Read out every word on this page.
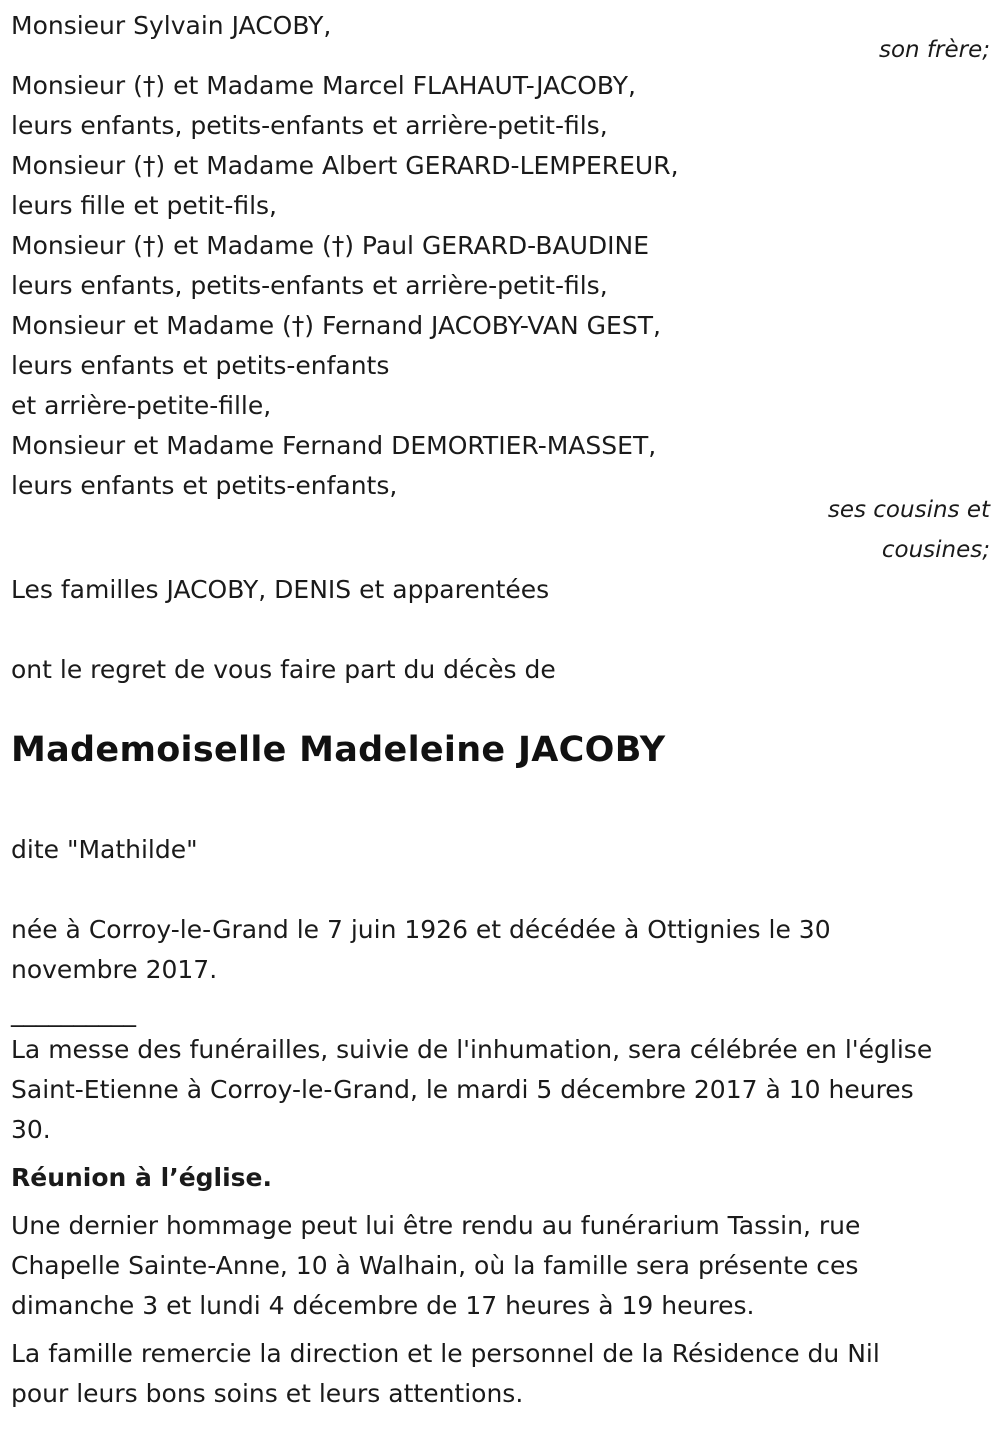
Monsieur Sylvain JACOBY,
son frère;
Monsieur (†) et Madame Marcel FLAHAUT-JACOBY,
leurs enfants, petits-enfants et arrière-petit-fils,
Monsieur (†) et Madame Albert GERARD-LEMPEREUR,
leurs fille et petit-fils,
Monsieur (†) et Madame (†) Paul GERARD-BAUDINE
leurs enfants, petits-enfants et arrière-petit-fils,
Monsieur et Madame (†) Fernand JACOBY-VAN GEST,
leurs enfants et petits-enfants
et arrière-petite-fille,
Monsieur et Madame Fernand DEMORTIER-MASSET,
leurs enfants et petits-enfants,
ses cousins et
cousines;
Les familles JACOBY, DENIS et apparentées
ont le regret de vous faire part du décès de
Mademoiselle Madeleine JACOBY
dite "Mathilde"
née à Corroy-le-Grand le 7 juin 1926 et décédée à Ottignies le 30
novembre 2017.
__________
La messe des funérailles, suivie de l'inhumation, sera célébrée en l'église
Saint-Etienne à Corroy-le-Grand, le mardi 5 décembre 2017 à 10 heures
30.
Réunion à l’église.
Une dernier hommage peut lui être rendu au funérarium Tassin, rue
Chapelle Sainte-Anne, 10 à Walhain, où la famille sera présente ces
dimanche 3 et lundi 4 décembre de 17 heures à 19 heures.
La famille remercie la direction et le personnel de la Résidence du Nil
pour leurs bons soins et leurs attentions.
